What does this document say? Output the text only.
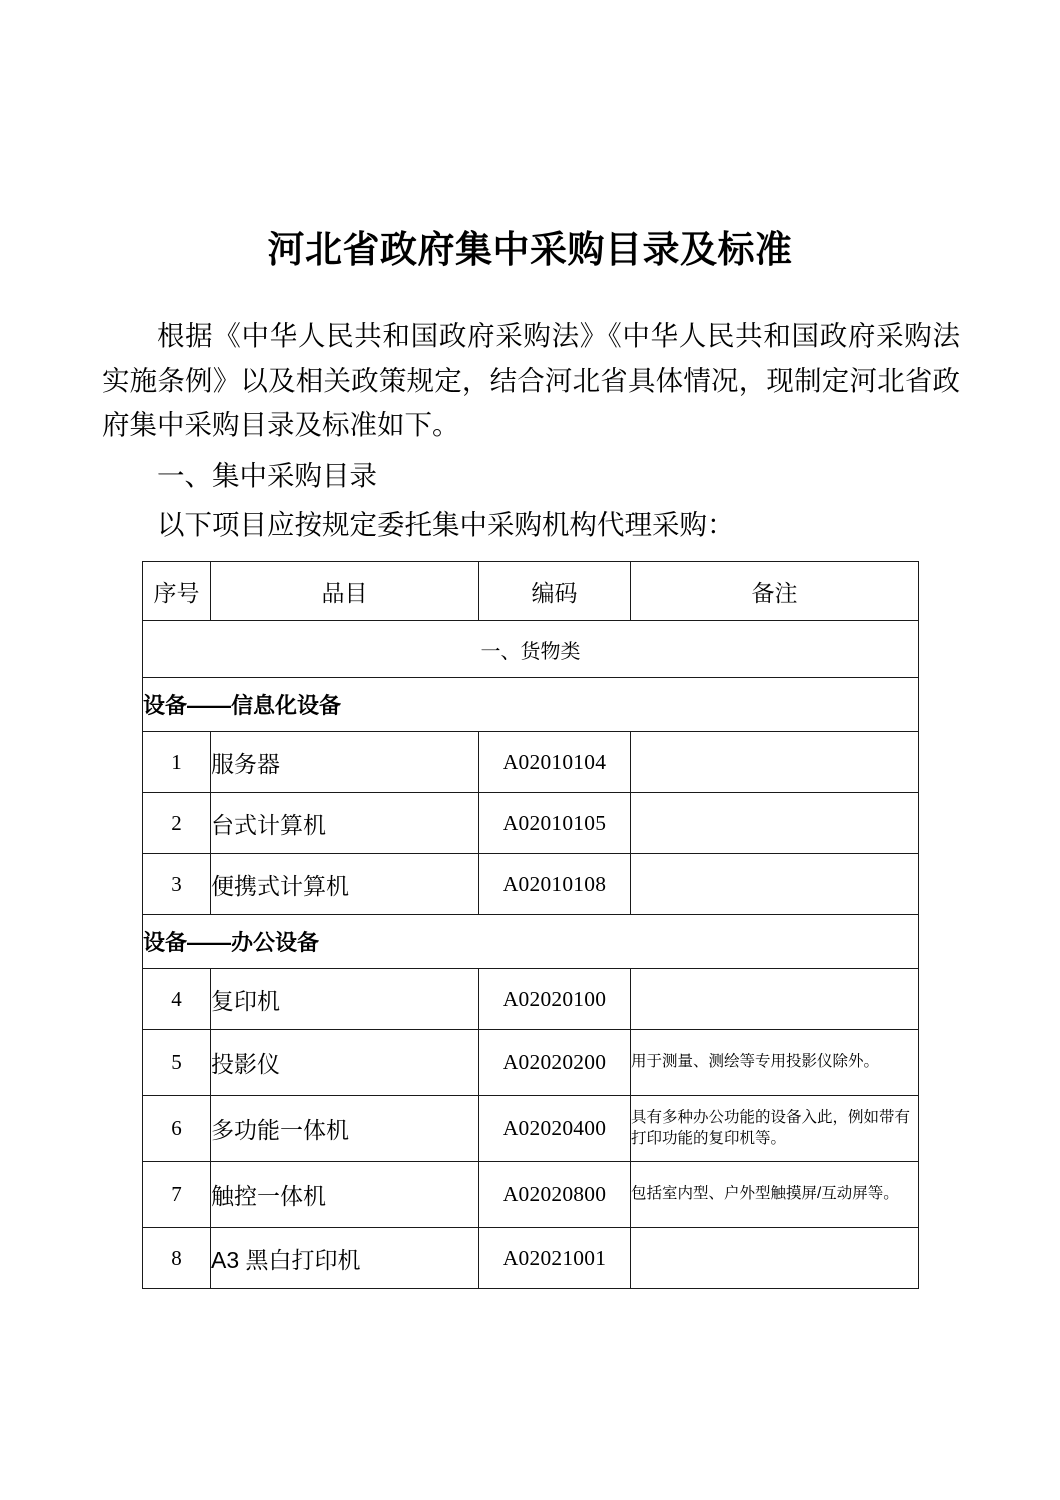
河北省政府集中采购目录及标准

根据《中华人民共和国政府采购法》《中华人民共和国政府采购法实施条例》以及相关政策规定，结合河北省具体情况，现制定河北省政府集中采购目录及标准如下。

一、集中采购目录

以下项目应按规定委托集中采购机构代理采购：

序号	品目	编码	备注
一、货物类			
设备——信息化设备			
1	服务器	A02010104	
2	台式计算机	A02010105	
3	便携式计算机	A02010108	
设备——办公设备			
4	复印机	A02020100	
5	投影仪	A02020200	用于测量、测绘等专用投影仪除外。
6	多功能一体机	A02020400	具有多种办公功能的设备入此，例如带有打印功能的复印机等。
7	触控一体机	A02020800	包括室内型、户外型触摸屏/互动屏等。
8	A3 黑白打印机	A02021001	
